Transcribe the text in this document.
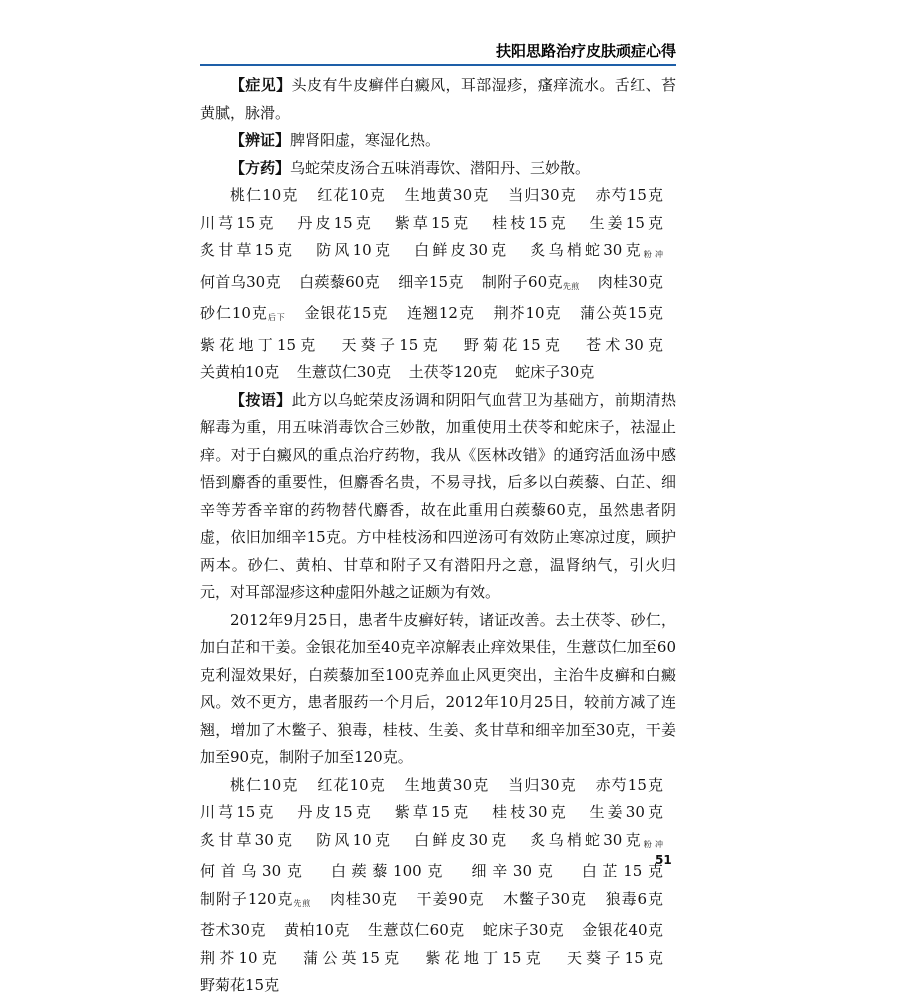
扶阳思路治疗皮肤顽症心得

【症见】头皮有牛皮癣伴白癜风，耳部湿疹，瘙痒流水。舌红、苔黄腻，脉滑。

【辨证】脾肾阳虚，寒湿化热。

【方药】乌蛇荣皮汤合五味消毒饮、潜阳丹、三妙散。

桃仁10克 红花10克 生地黄30克 当归30克 赤芍15克 川芎15克 丹皮15克 紫草15克 桂枝15克 生姜15克 炙甘草15克 防风10克 白鲜皮30克 炙乌梢蛇30克$_{粉冲}$ 何首乌30克 白蒺藜60克 细辛15克 制附子60克$_{先煎}$ 肉桂30克 砂仁10克$_{后下}$ 金银花15克 连翘12克 荆芥10克 蒲公英15克 紫花地丁15克 天葵子15克 野菊花15克 苍术30克 关黄柏10克 生薏苡仁30克 土茯苓120克 蛇床子30克

【按语】此方以乌蛇荣皮汤调和阴阳气血营卫为基础方，前期清热解毒为重，用五味消毒饮合三妙散，加重使用土茯苓和蛇床子，祛湿止痒。对于白癜风的重点治疗药物，我从《医林改错》的通窍活血汤中感悟到麝香的重要性，但麝香名贵，不易寻找，后多以白蒺藜、白芷、细辛等芳香辛窜的药物替代麝香，故在此重用白蒺藜60克，虽然患者阴虚，依旧加细辛15克。方中桂枝汤和四逆汤可有效防止寒凉过度，顾护两本。砂仁、黄柏、甘草和附子又有潜阳丹之意，温肾纳气，引火归元，对耳部湿疹这种虚阳外越之证颇为有效。

2012年9月25日，患者牛皮癣好转，诸证改善。去土茯苓、砂仁，加白芷和干姜。金银花加至40克辛凉解表止痒效果佳，生薏苡仁加至60克利湿效果好，白蒺藜加至100克养血止风更突出，主治牛皮癣和白癜风。效不更方，患者服药一个月后，2012年10月25日，较前方减了连翘，增加了木鳖子、狼毒，桂枝、生姜、炙甘草和细辛加至30克，干姜加至90克，制附子加至120克。

桃仁10克 红花10克 生地黄30克 当归30克 赤芍15克 川芎15克 丹皮15克 紫草15克 桂枝30克 生姜30克 炙甘草30克 防风10克 白鲜皮30克 炙乌梢蛇30克$_{粉冲}$ 何首乌30克 白蒺藜100克 细辛30克 白芷15克 制附子120克$_{先煎}$ 肉桂30克 干姜90克 木鳖子30克 狼毒6克 苍术30克 黄柏10克 生薏苡仁60克 蛇床子30克 金银花40克 荆芥10克 蒲公英15克 紫花地丁15克 天葵子15克 野菊花15克

51
